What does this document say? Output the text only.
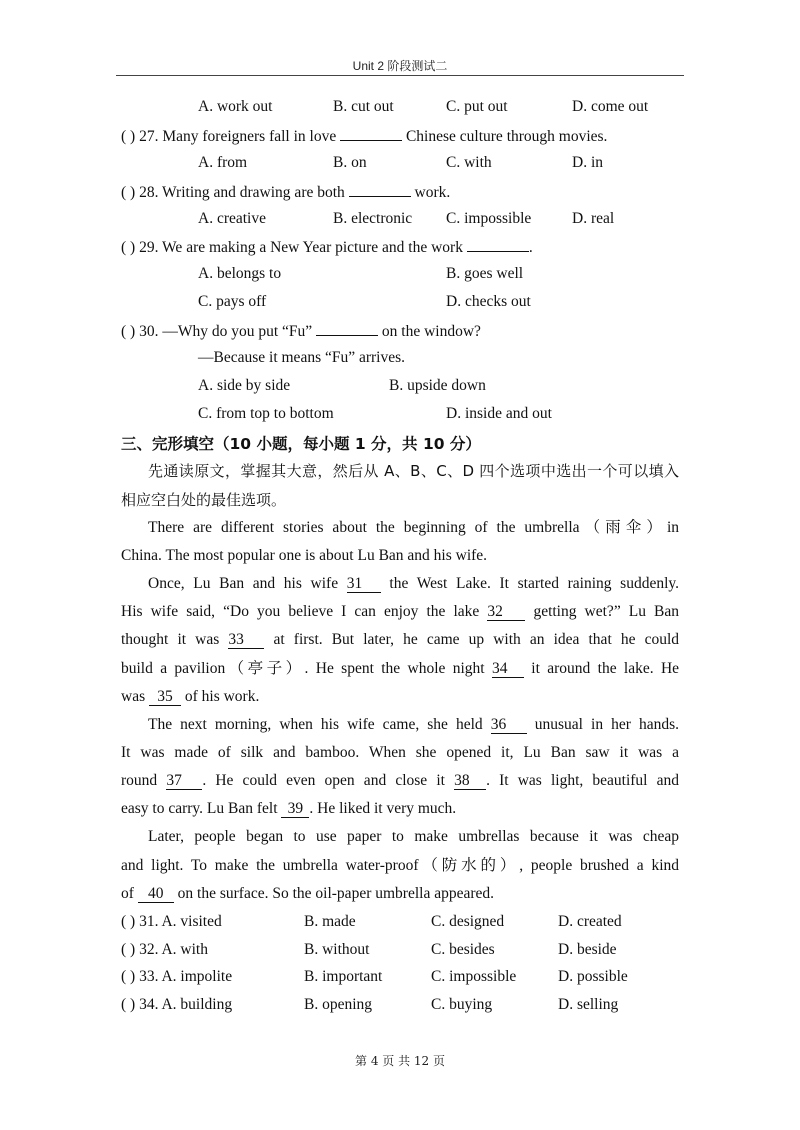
Unit 2 阶段测试二
A. work out	B. cut out	C. put out	D. come out
( ) 27. Many foreigners fall in love	Chinese culture through movies.
A. from	B. on	C. with	D. in
( ) 28. Writing and drawing are both	work.
A. creative	B. electronic C. impossible	D. real
( ) 29. We are making a New Year picture and the work	.
A. belongs to	B. goes well
C. pays off	D. checks out
( ) 30. —Why do you put “Fu”	on the window?
—Because it means “Fu” arrives.
A. side by side	B. upside down
C. from top to bottom	D. inside and out
三、完形填空（10 小题，每小题 1 分，共 10 分）
先通读原文，掌握其大意，然后从 A、B、C、D 四个选项中选出一个可以填入
相应空白处的最佳选项。
There are different stories about the beginning of the umbrella（雨伞）in
China. The most popular one is about Lu Ban and his wife.
Once, Lu Ban and his wife 31 the West Lake. It started raining suddenly.
His wife said, “Do you believe I can enjoy the lake 32 getting wet?” Lu Ban
thought it was 33 at first. But later, he came up with an idea that he could
build a pavilion（亭子）. He spent the whole night 34 it around the lake. He
was 35 of his work.
The next morning, when his wife came, she held 36 unusual in her hands.
It was made of silk and bamboo. When she opened it, Lu Ban saw it was a
round 37 . He could even open and close it 38 . It was light, beautiful and
easy to carry. Lu Ban felt 39 . He liked it very much.
Later, people began to use paper to make umbrellas because it was cheap
and light. To make the umbrella water-proof（防水的）, people brushed a kind
of 40 on the surface. So the oil-paper umbrella appeared.
( ) 31. A. visited	B. made	C. designed	D. created
( ) 32. A. with	B. without	C. besides	D. beside
( ) 33. A. impolite	B. important	C. impossible	D. possible
( ) 34. A. building	B. opening	C. buying	D. selling
第 4 页 共 12 页
